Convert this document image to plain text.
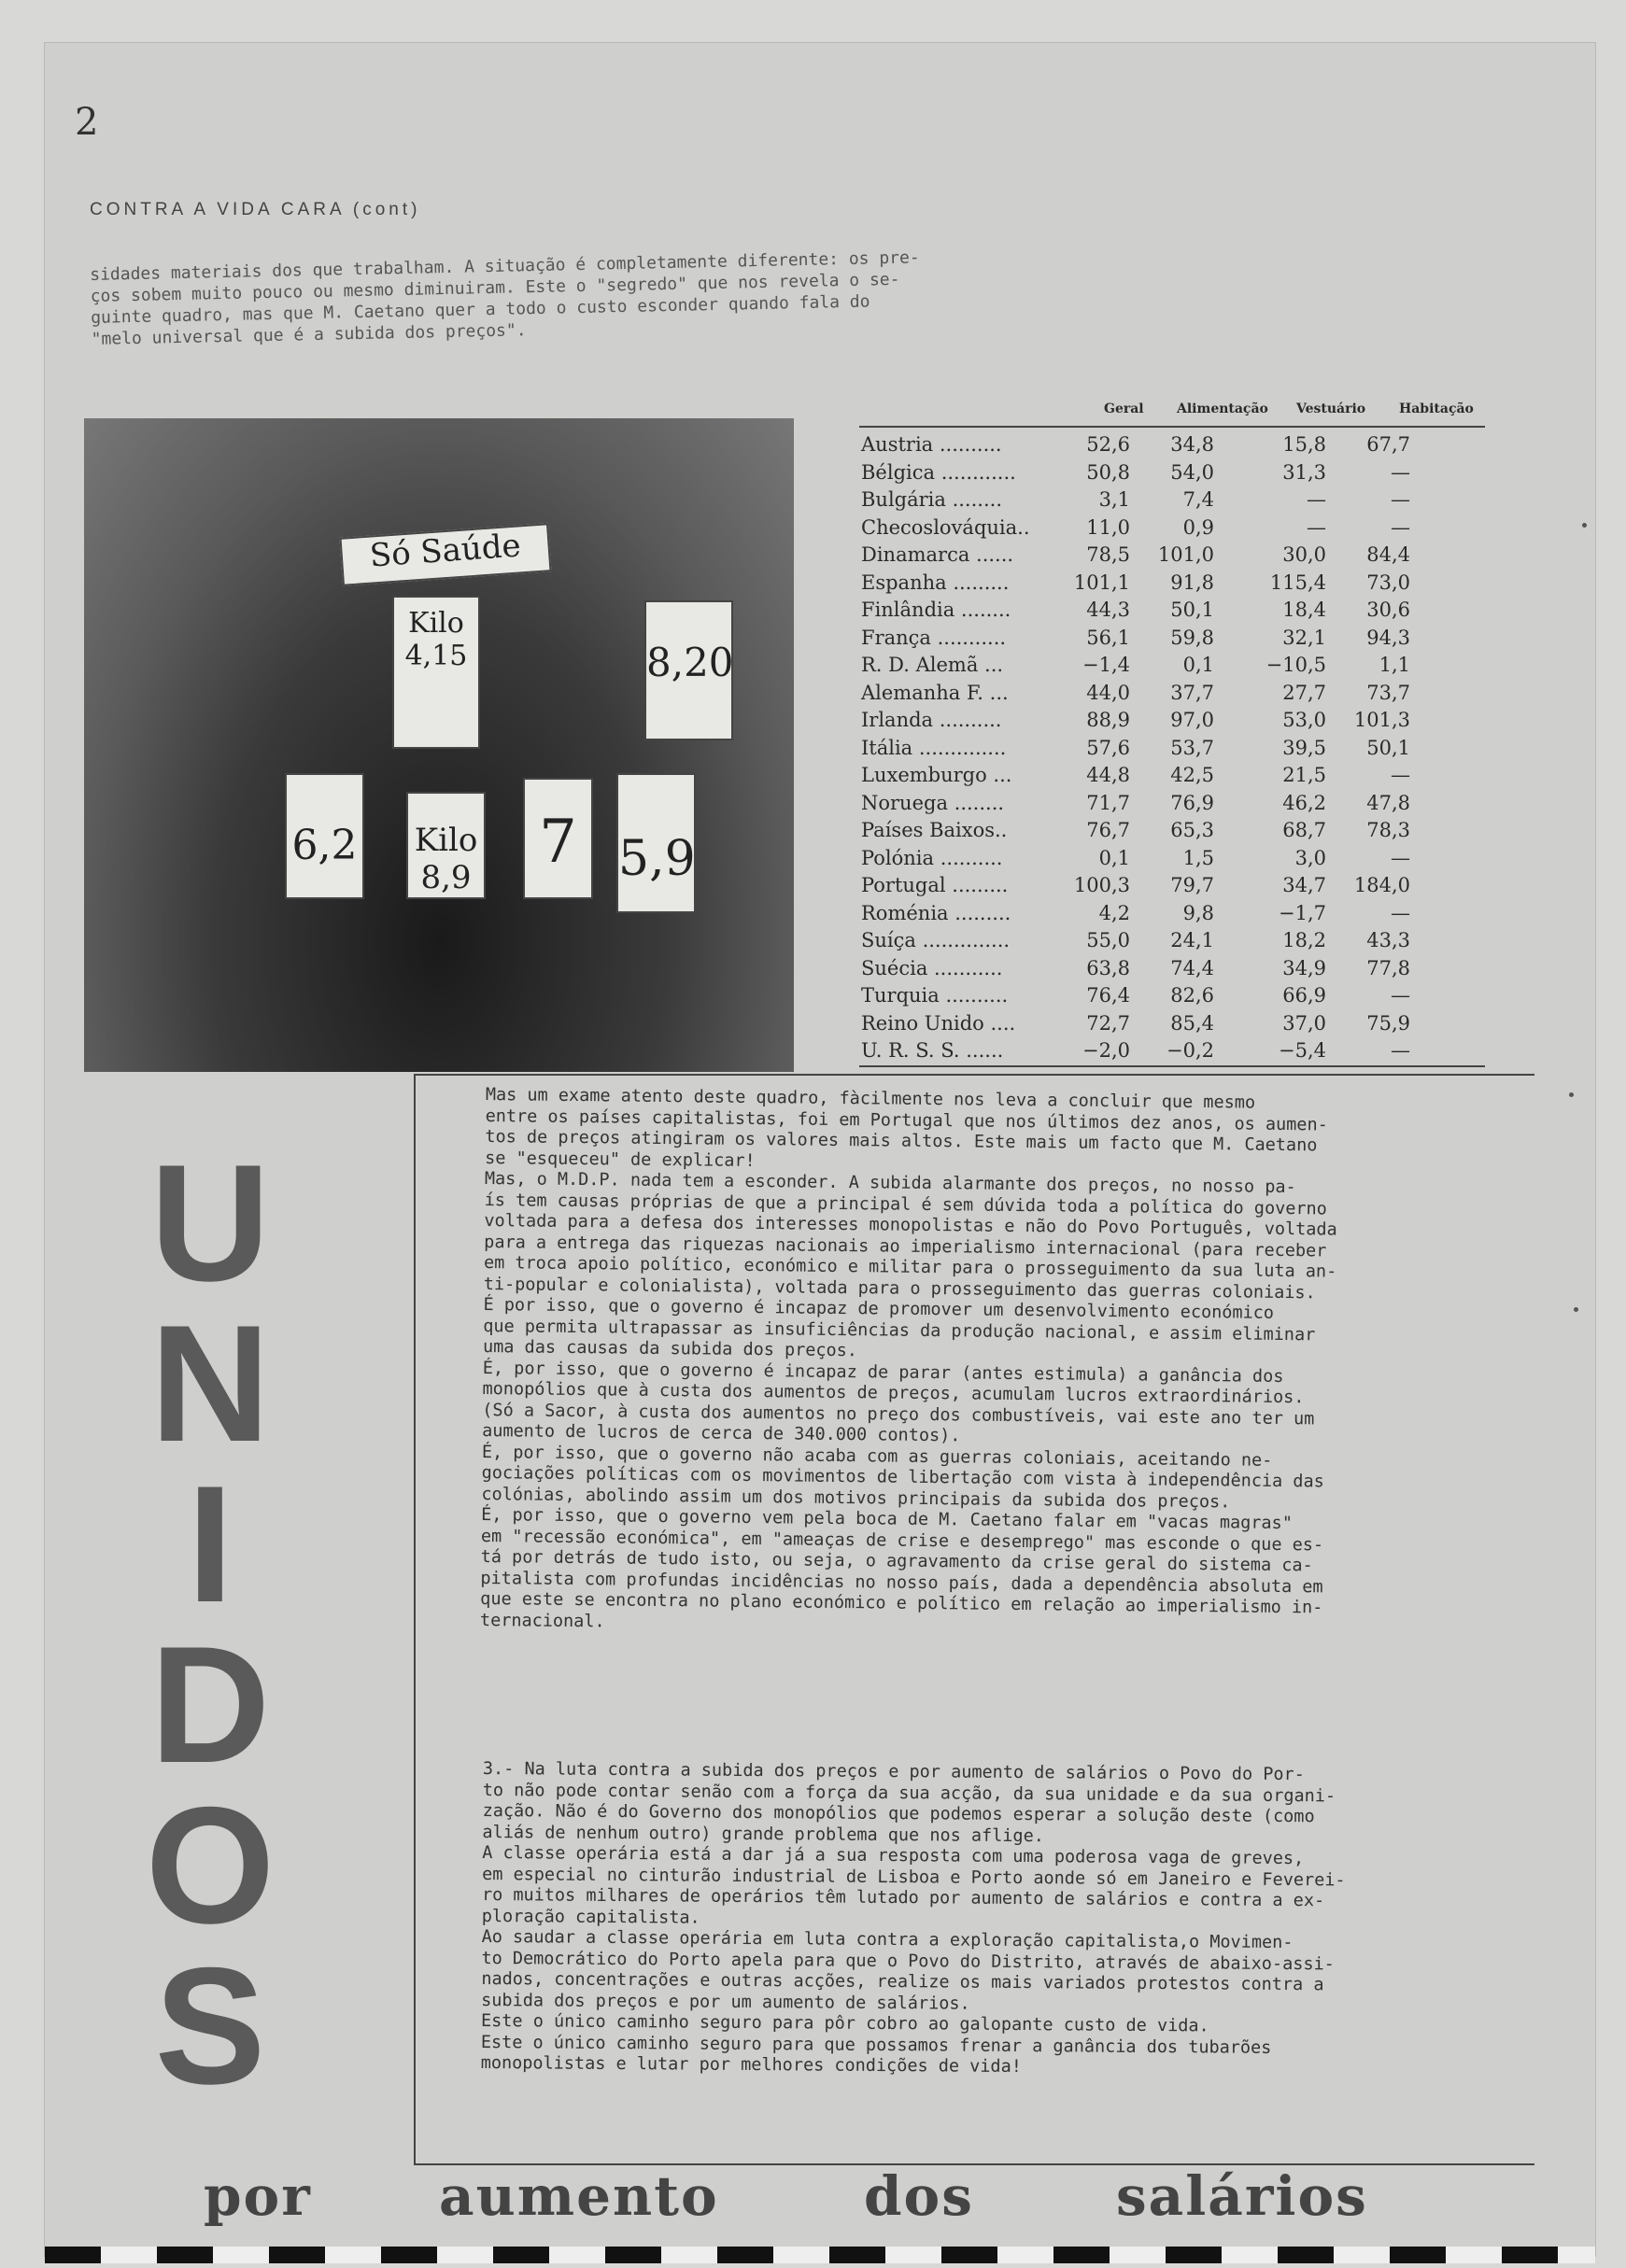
2
CONTRA A VIDA CARA (cont)
sidades materiais dos que trabalham. A situação é completamente diferente: os pre-
ços sobem muito pouco ou mesmo diminuiram. Este o "segredo" que nos revela o se-
guinte quadro, mas que M. Caetano quer a todo o custo esconder quando fala do
"melo universal que é a subida dos preços".
Só Saúde
Kilo 4,15	8,20
6,2 Kilo 8,9
7 5,9
Geral	Alimentação Vestuário	Habitação
Austria ..........	52,6	34,8	15,8	67,7
Bélgica ............	50,8	54,0	31,3	—
Bulgária ........	3,1	7,4	—	—
Checoslováquia..	11,0	0,9	—	—
Dinamarca ......	78,5	101,0	30,0	84,4
Espanha .........	101,1	91,8	115,4	73,0
Finlândia ........	44,3	50,1	18,4	30,6
França ...........	56,1	59,8	32,1	94,3
R. D. Alemã ...	−1,4	0,1	−10,5	1,1
Alemanha F. ...	44,0	37,7	27,7	73,7
Irlanda ..........	88,9	97,0	53,0	101,3
Itália ..............	57,6	53,7	39,5	50,1
Luxemburgo ...	44,8	42,5	21,5	—
Noruega ........	71,7	76,9	46,2	47,8
Países Baixos..	76,7	65,3	68,7	78,3
Polónia ..........	0,1	1,5	3,0	—
Portugal .........	100,3	79,7	34,7	184,0
Roménia .........	4,2	9,8	−1,7	—
Suíça ..............	55,0	24,1	18,2	43,3
Suécia ...........	63,8	74,4	34,9	77,8
Turquia ..........	76,4	82,6	66,9	—
Reino Unido ....	72,7	85,4	37,0	75,9
U. R. S. S. ......	−2,0	−0,2	−5,4	—
U
N
I
D
O
S
Mas um exame atento deste quadro, fàcilmente nos leva a concluir que mesmo
entre os países capitalistas, foi em Portugal que nos últimos dez anos, os aumen-
tos de preços atingiram os valores mais altos. Este mais um facto que M. Caetano
se "esqueceu" de explicar!
Mas, o M.D.P. nada tem a esconder. A subida alarmante dos preços, no nosso pa-
ís tem causas próprias de que a principal é sem dúvida toda a política do governo
voltada para a defesa dos interesses monopolistas e não do Povo Português, voltada
para a entrega das riquezas nacionais ao imperialismo internacional (para receber
em troca apoio político, económico e militar para o prosseguimento da sua luta an-
ti-popular e colonialista), voltada para o prosseguimento das guerras coloniais.
É por isso, que o governo é incapaz de promover um desenvolvimento económico
que permita ultrapassar as insuficiências da produção nacional, e assim eliminar
uma das causas da subida dos preços.
É, por isso, que o governo é incapaz de parar (antes estimula) a ganância dos
monopólios que à custa dos aumentos de preços, acumulam lucros extraordinários.
(Só a Sacor, à custa dos aumentos no preço dos combustíveis, vai este ano ter um
aumento de lucros de cerca de 340.000 contos).
É, por isso, que o governo não acaba com as guerras coloniais, aceitando ne-
gociações políticas com os movimentos de libertação com vista à independência das
colónias, abolindo assim um dos motivos principais da subida dos preços.
É, por isso, que o governo vem pela boca de M. Caetano falar em "vacas magras"
em "recessão económica", em "ameaças de crise e desemprego" mas esconde o que es-
tá por detrás de tudo isto, ou seja, o agravamento da crise geral do sistema ca-
pitalista com profundas incidências no nosso país, dada a dependência absoluta em
que este se encontra no plano económico e político em relação ao imperialismo in-
ternacional.
3.- Na luta contra a subida dos preços e por aumento de salários o Povo do Por-
to não pode contar senão com a força da sua acção, da sua unidade e da sua organi-
zação. Não é do Governo dos monopólios que podemos esperar a solução deste (como
aliás de nenhum outro) grande problema que nos aflige.
A classe operária está a dar já a sua resposta com uma poderosa vaga de greves,
em especial no cinturão industrial de Lisboa e Porto aonde só em Janeiro e Feverei-
ro muitos milhares de operários têm lutado por aumento de salários e contra a ex-
ploração capitalista.
Ao saudar a classe operária em luta contra a exploração capitalista,o Movimen-
to Democrático do Porto apela para que o Povo do Distrito, através de abaixo-assi-
nados, concentrações e outras acções, realize os mais variados protestos contra a
subida dos preços e por um aumento de salários.
Este o único caminho seguro para pôr cobro ao galopante custo de vida.
Este o único caminho seguro para que possamos frenar a ganância dos tubarões
monopolistas e lutar por melhores condições de vida!
por aumento	dos	salários
